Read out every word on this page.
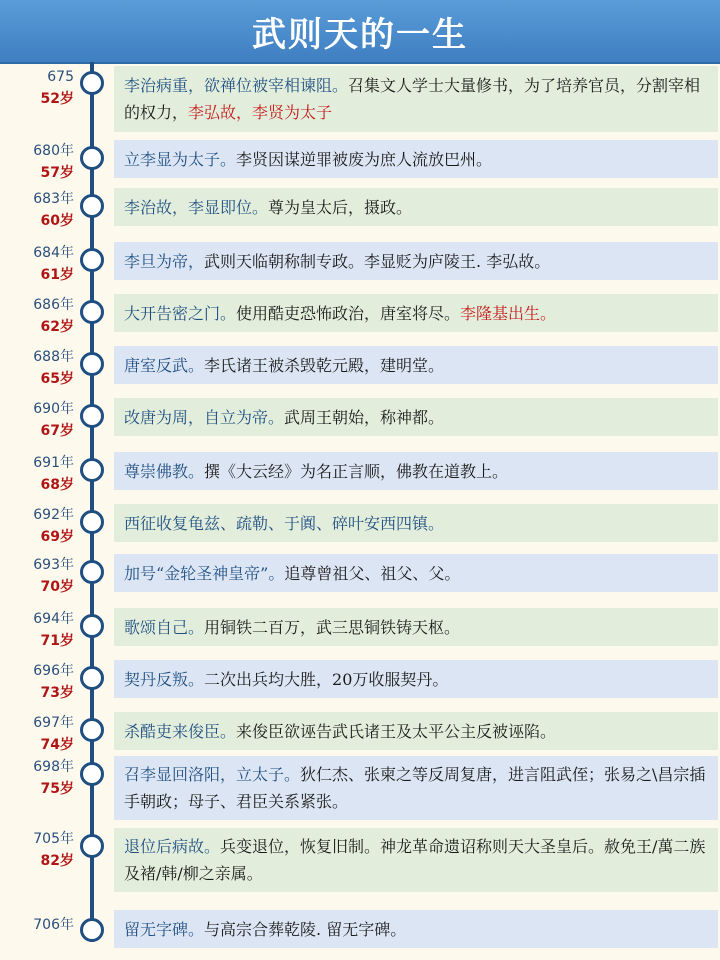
武则天的一生
675
52岁
李治病重，欲禅位被宰相谏阻。召集文人学士大量修书，为了培养官员，分割宰相的权力，李弘故，李贤为太子
680年
57岁
立李显为太子。李贤因谋逆罪被废为庶人流放巴州。
683年
60岁
李治故，李显即位。尊为皇太后，摄政。
684年
61岁
李旦为帝，武则天临朝称制专政。李显贬为庐陵王. 李弘故。
686年
62岁
大开告密之门。使用酷吏恐怖政治，唐室将尽。李隆基出生。
688年
65岁
唐室反武。李氏诸王被杀毁乾元殿，建明堂。
690年
67岁
改唐为周，自立为帝。武周王朝始，称神都。
691年
68岁
尊崇佛教。撰《大云经》为名正言顺，佛教在道教上。
692年
69岁
西征收复龟兹、疏勒、于阗、碎叶安西四镇。
693年
70岁
加号“金轮圣神皇帝”。追尊曾祖父、祖父、父。
694年
71岁
歌颂自己。用铜铁二百万，武三思铜铁铸天枢。
696年
73岁
契丹反叛。二次出兵均大胜，20万收服契丹。
697年
74岁
杀酷吏来俊臣。来俊臣欲诬告武氏诸王及太平公主反被诬陷。
698年
75岁
召李显回洛阳，立太子。狄仁杰、张柬之等反周复唐，进言阻武侄；张易之\昌宗插手朝政；母子、君臣关系紧张。
705年
82岁
退位后病故。兵变退位，恢复旧制。神龙革命遗诏称则天大圣皇后。赦免王/萬二族及褚/韩/柳之亲属。
706年	留无字碑。与高宗合葬乾陵. 留无字碑。
